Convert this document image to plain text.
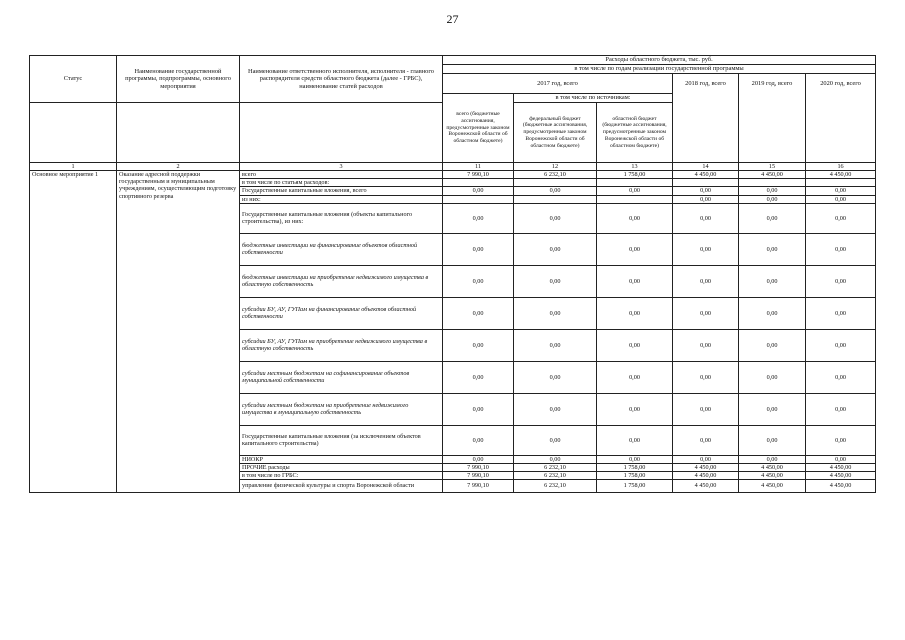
27
Статус	Наименование государственной программы, подпрограммы, основного мероприятия	Наименование ответственного исполнителя, исполнителя - главного распорядителя средств областного бюджета (далее - ГРБС), наименование статей расходов	Расходы областного бюджета, тыс. руб.					
			в том числе по годам реализации государственной программы					
			2017 год, всего			2018 год, всего	2019 год, всего	2020 год, всего
			всего (бюджетные ассигнования, предусмотренные законом Воронежской области об областном бюджете)	в том числе по источникам:				
				федеральный бюджет (бюджетные ассигнования, предусмотренные законом Воронежской области об областном бюджете)	областной бюджет (бюджетные ассигнования, предусмотренные законом Воронежской области об областном бюджете)			
1	2	3	11	12	13	14	15	16
Основное мероприятие 1	Оказание адресной поддержки государственным и муниципальным учреждениям, осуществляющим подготовку спортивного резерва	всего	7 990,10	6 232,10	1 758,00	4 450,00	4 450,00	4 450,00
		в том числе по статьям расходов:						
		Государственные капитальные вложения, всего	0,00	0,00	0,00	0,00	0,00	0,00
		из них:				0,00	0,00	0,00
		Государственные капитальные вложения (объекты капитального строительства), из них:	0,00	0,00	0,00	0,00	0,00	0,00
		бюджетные инвестиции на финансирование объектов областной собственности	0,00	0,00	0,00	0,00	0,00	0,00
		бюджетные инвестиции на приобретение недвижимого имущества в областную собственность	0,00	0,00	0,00	0,00	0,00	0,00
		субсидии БУ, АУ, ГУПам на финансирование объектов областной собственности	0,00	0,00	0,00	0,00	0,00	0,00
		субсидии БУ, АУ, ГУПам на приобретение недвижимого имущества в областную собственность	0,00	0,00	0,00	0,00	0,00	0,00
		субсидии местным бюджетам на софинансирование объектов муниципальной собственности	0,00	0,00	0,00	0,00	0,00	0,00
		субсидии местным бюджетам на приобретение недвижимого имущества в муниципальную собственность	0,00	0,00	0,00	0,00	0,00	0,00
		Государственные капитальные вложения (за исключением объектов капитального строительства)	0,00	0,00	0,00	0,00	0,00	0,00
		НИОКР	0,00	0,00	0,00	0,00	0,00	0,00
		ПРОЧИЕ расходы	7 990,10	6 232,10	1 758,00	4 450,00	4 450,00	4 450,00
		в том числе по ГРБС:	7 990,10	6 232,10	1 758,00	4 450,00	4 450,00	4 450,00
		управление физической культуры и спорта Воронежской области	7 990,10	6 232,10	1 758,00	4 450,00	4 450,00	4 450,00
